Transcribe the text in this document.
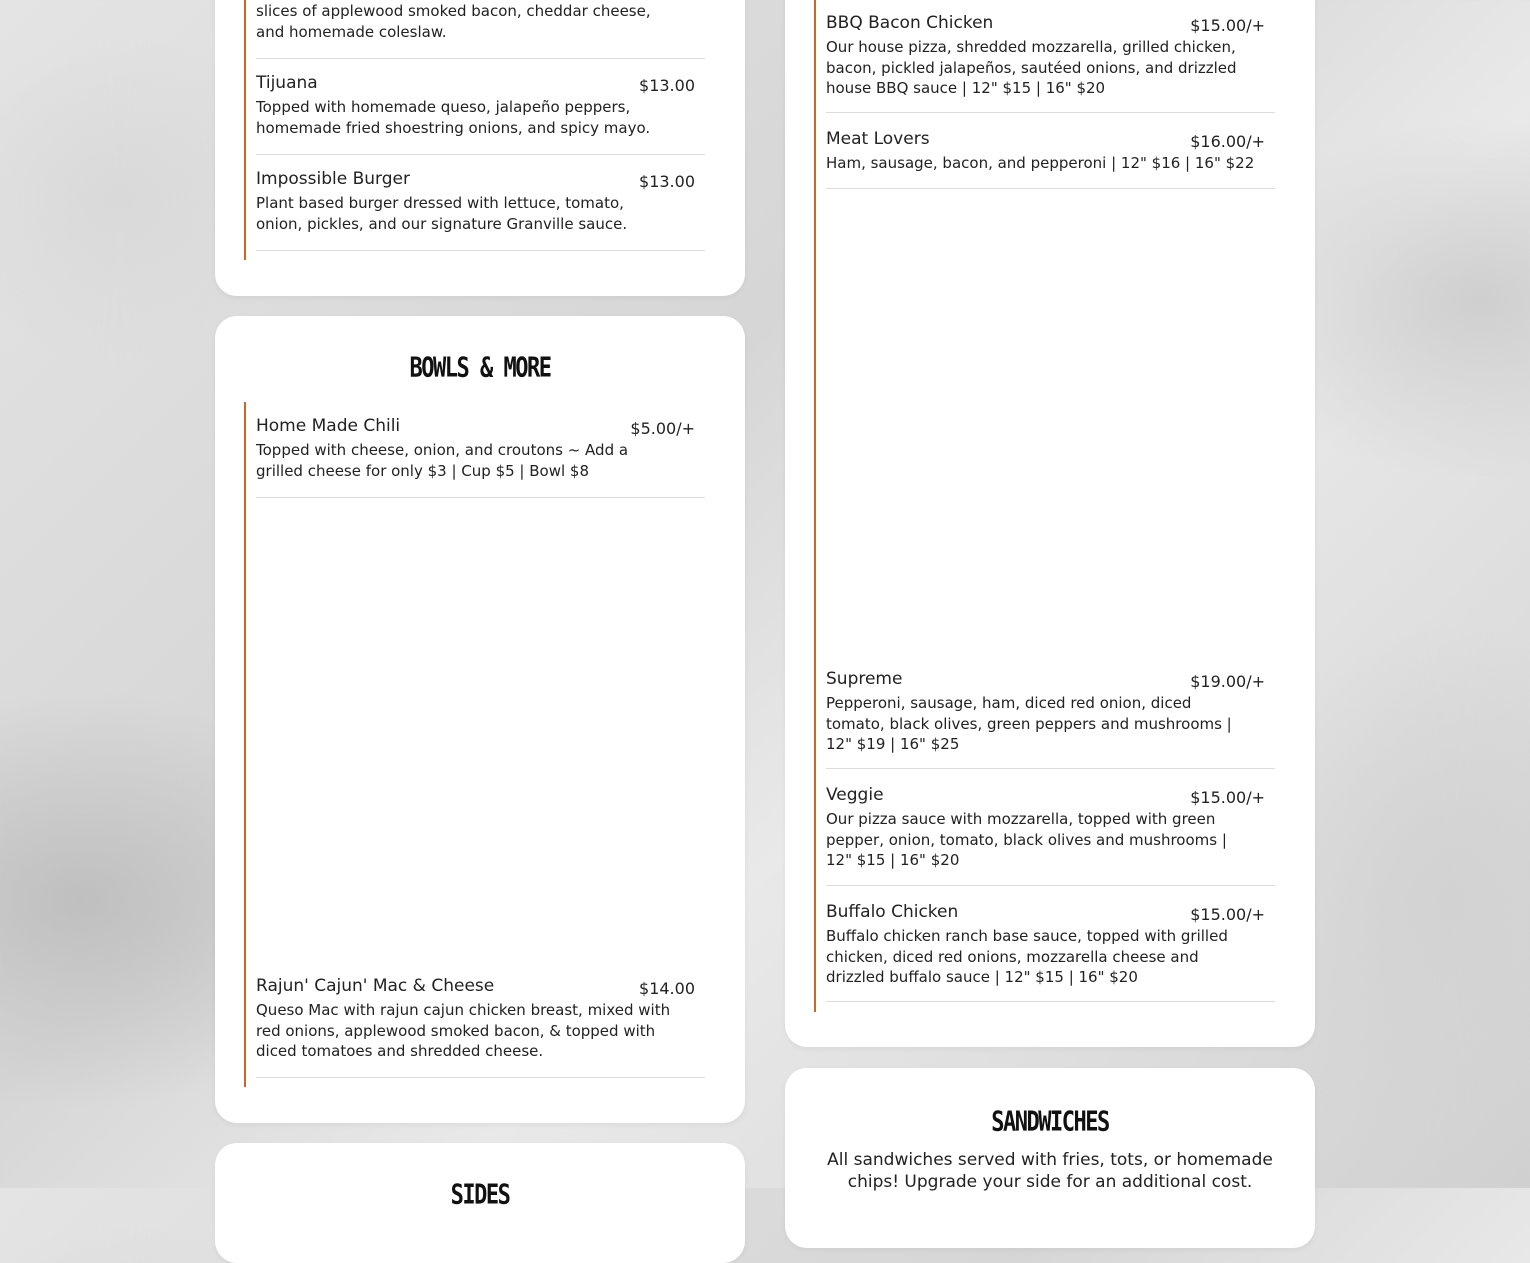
slices of applewood smoked bacon, cheddar cheese, and homemade coleslaw.
Tijuana	$13.00
Topped with homemade queso, jalapeño peppers, homemade fried shoestring onions, and spicy mayo.
Impossible Burger	$13.00
Plant based burger dressed with lettuce, tomato, onion, pickles, and our signature Granville sauce.
BOWLS & MORE
Home Made Chili	$5.00/+
Topped with cheese, onion, and croutons ~ Add a grilled cheese for only $3 | Cup $5 | Bowl $8
Rajun' Cajun' Mac & Cheese	$14.00
Queso Mac with rajun cajun chicken breast, mixed with red onions, applewood smoked bacon, & topped with diced tomatoes and shredded cheese.
SIDES
BBQ Bacon Chicken	$15.00/+
Our house pizza, shredded mozzarella, grilled chicken, bacon, pickled jalapeños, sautéed onions, and drizzled house BBQ sauce | 12" $15 | 16" $20
Meat Lovers	$16.00/+
Ham, sausage, bacon, and pepperoni | 12" $16 | 16" $22
Supreme	$19.00/+
Pepperoni, sausage, ham, diced red onion, diced tomato, black olives, green peppers and mushrooms | 12" $19 | 16" $25
Veggie	$15.00/+
Our pizza sauce with mozzarella, topped with green pepper, onion, tomato, black olives and mushrooms | 12" $15 | 16" $20
Buffalo Chicken	$15.00/+
Buffalo chicken ranch base sauce, topped with grilled chicken, diced red onions, mozzarella cheese and drizzled buffalo sauce | 12" $15 | 16" $20
SANDWICHES
All sandwiches served with fries, tots, or homemade chips! Upgrade your side for an additional cost.
